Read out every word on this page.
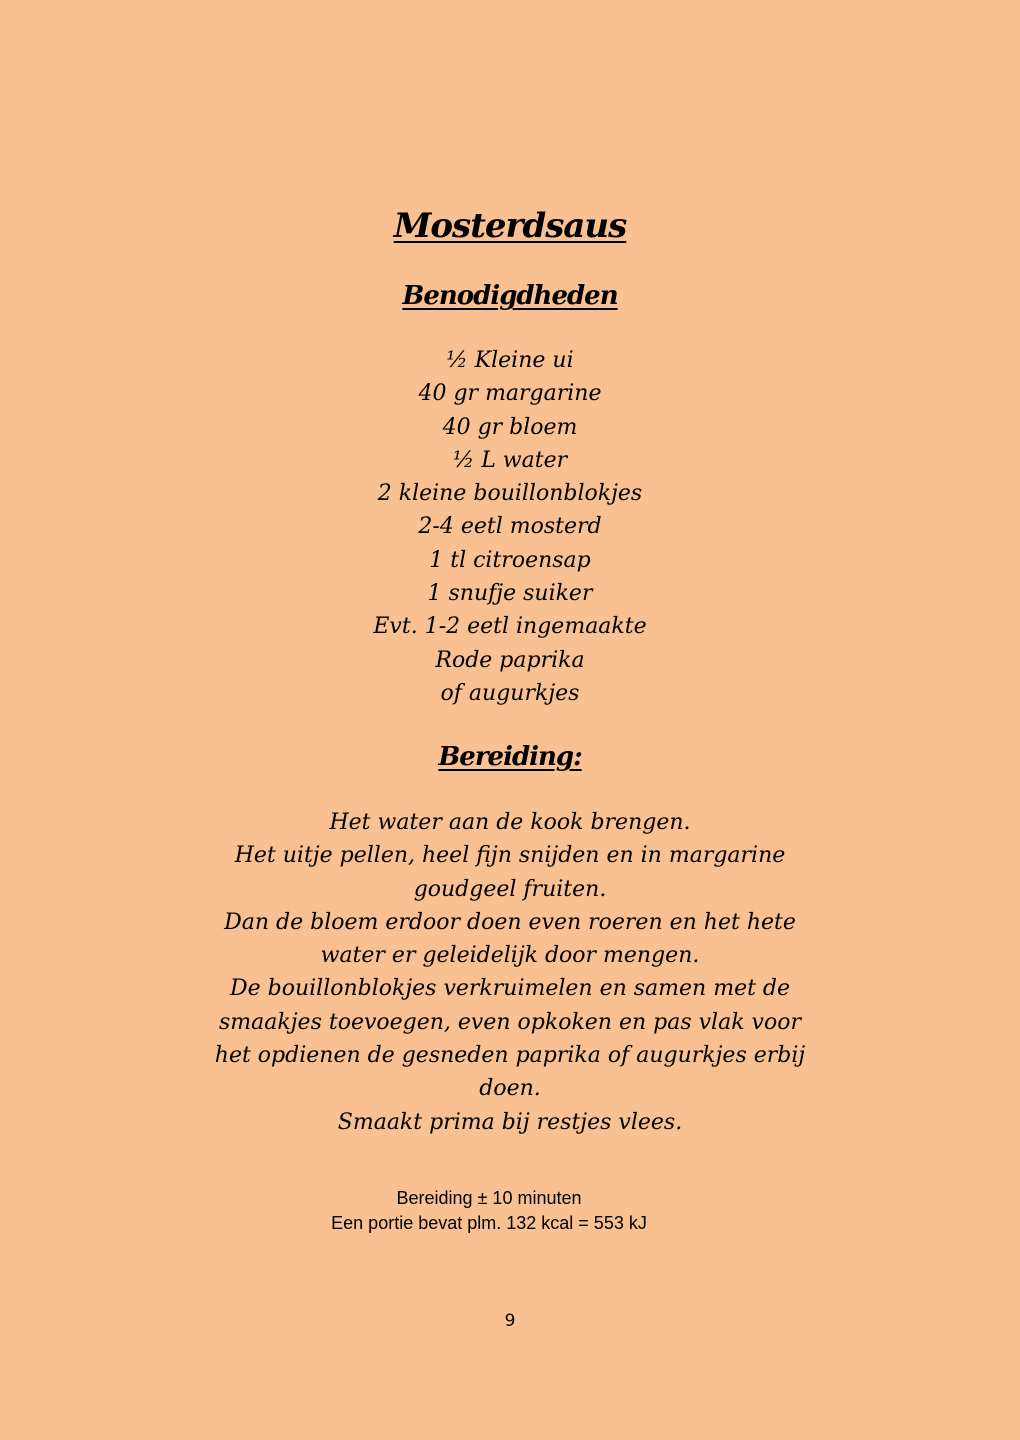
Mosterdsaus
Benodigdheden
½ Kleine ui
40 gr margarine
40 gr bloem
½ L water
2 kleine bouillonblokjes
2-4 eetl mosterd
1 tl citroensap
1 snufje suiker
Evt. 1-2 eetl ingemaakte
Rode paprika
of augurkjes
Bereiding:

Het water aan de kook brengen.

Het uitje pellen, heel fijn snijden en in margarine goudgeel fruiten.

Dan de bloem erdoor doen even roeren en het hete water er geleidelijk door mengen.

De bouillonblokjes verkruimelen en samen met de smaakjes toevoegen, even opkoken en pas vlak voor het opdienen de gesneden paprika of augurkjes erbij doen.

Smaakt prima bij restjes vlees.

Bereiding ± 10 minuten
Een portie bevat plm. 132 kcal = 553 kJ
9
